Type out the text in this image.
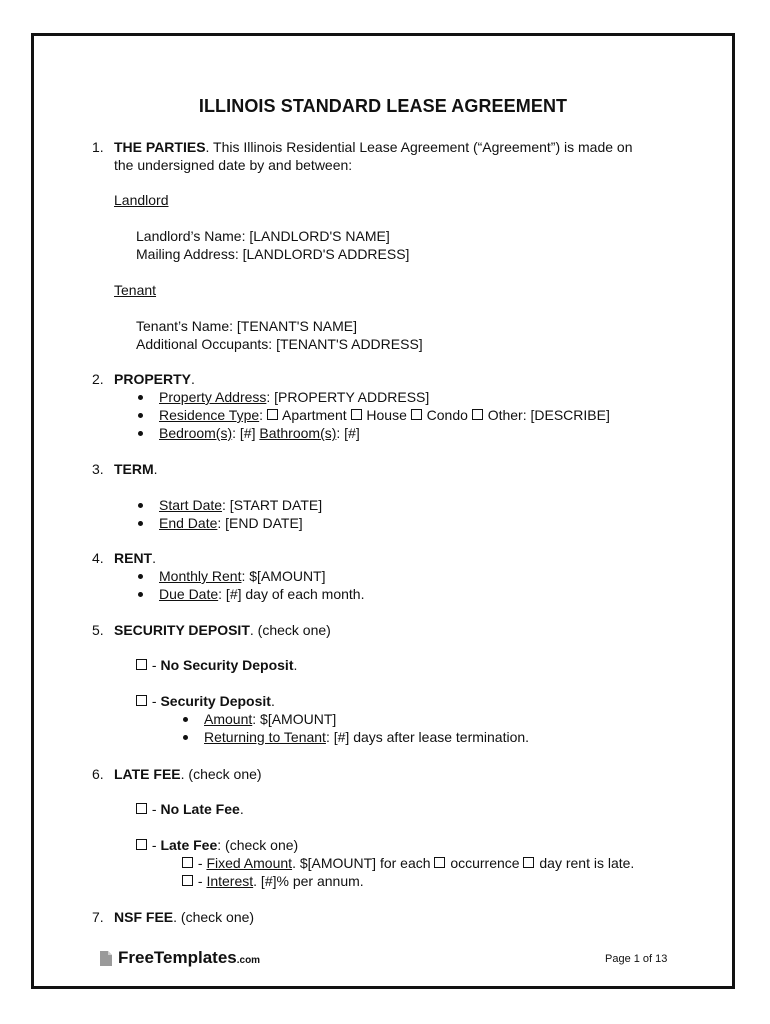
ILLINOIS STANDARD LEASE AGREEMENT
1. THE PARTIES. This Illinois Residential Lease Agreement (“Agreement”) is made on
the undersigned date by and between:
Landlord
Landlord’s Name: [LANDLORD'S NAME]
Mailing Address: [LANDLORD'S ADDRESS]
Tenant
Tenant’s Name: [TENANT'S NAME]
Additional Occupants: [TENANT'S ADDRESS]
2. PROPERTY.
Property Address: [PROPERTY ADDRESS]
Residence Type:  Apartment  House  Condo  Other: [DESCRIBE]
Bedroom(s): [#] Bathroom(s): [#]
3. TERM.
Start Date: [START DATE]
End Date: [END DATE]
4. RENT.
Monthly Rent: $[AMOUNT]
Due Date: [#] day of each month.
5. SECURITY DEPOSIT. (check one)
- No Security Deposit.
- Security Deposit.
Amount: $[AMOUNT]
Returning to Tenant: [#] days after lease termination.
6. LATE FEE. (check one)
- No Late Fee.
- Late Fee: (check one)
- Fixed Amount. $[AMOUNT] for each  occurrence  day rent is late.
- Interest. [#]% per annum.
7. NSF FEE. (check one)
FreeTemplates .com	Page 1 of 13
